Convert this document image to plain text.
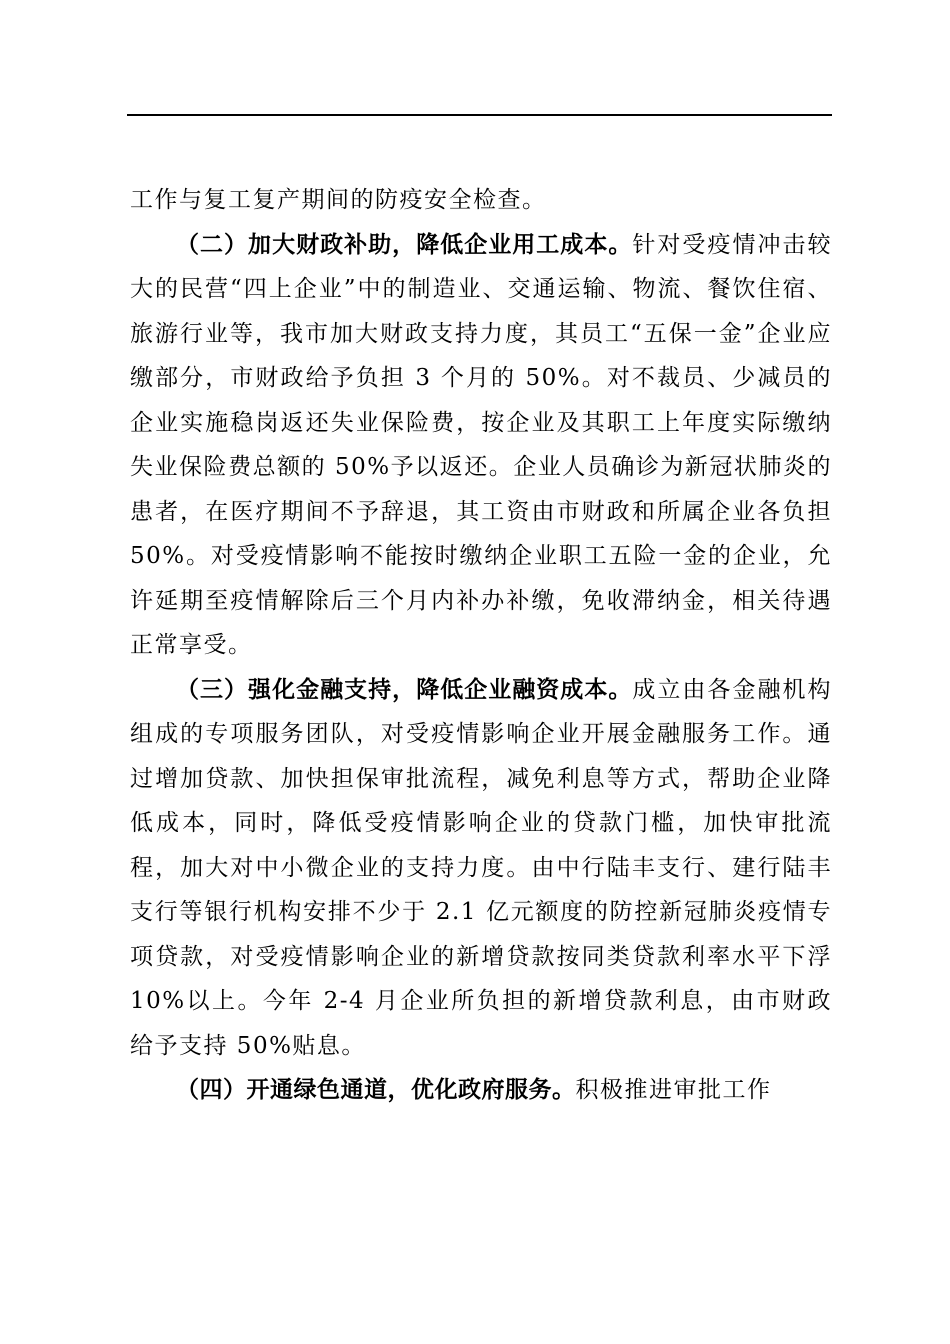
工作与复工复产期间的防疫安全检查。

（二）加大财政补助，降低企业用工成本。针对受疫情冲击较大的民营“四上企业”中的制造业、交通运输、物流、餐饮住宿、旅游行业等，我市加大财政支持力度，其员工“五保一金”企业应缴部分，市财政给予负担 3 个月的 50%。对不裁员、少减员的企业实施稳岗返还失业保险费，按企业及其职工上年度实际缴纳失业保险费总额的 50%予以返还。企业人员确诊为新冠状肺炎的患者，在医疗期间不予辞退，其工资由市财政和所属企业各负担 50%。对受疫情影响不能按时缴纳企业职工五险一金的企业，允许延期至疫情解除后三个月内补办补缴，免收滞纳金，相关待遇正常享受。

（三）强化金融支持，降低企业融资成本。成立由各金融机构组成的专项服务团队，对受疫情影响企业开展金融服务工作。通过增加贷款、加快担保审批流程，减免利息等方式，帮助企业降低成本，同时，降低受疫情影响企业的贷款门槛，加快审批流程，加大对中小微企业的支持力度。由中行陆丰支行、建行陆丰支行等银行机构安排不少于 2.1 亿元额度的防控新冠肺炎疫情专项贷款，对受疫情影响企业的新增贷款按同类贷款利率水平下浮 10%以上。今年 2-4 月企业所负担的新增贷款利息，由市财政给予支持 50%贴息。

（四）开通绿色通道，优化政府服务。积极推进审批工作
